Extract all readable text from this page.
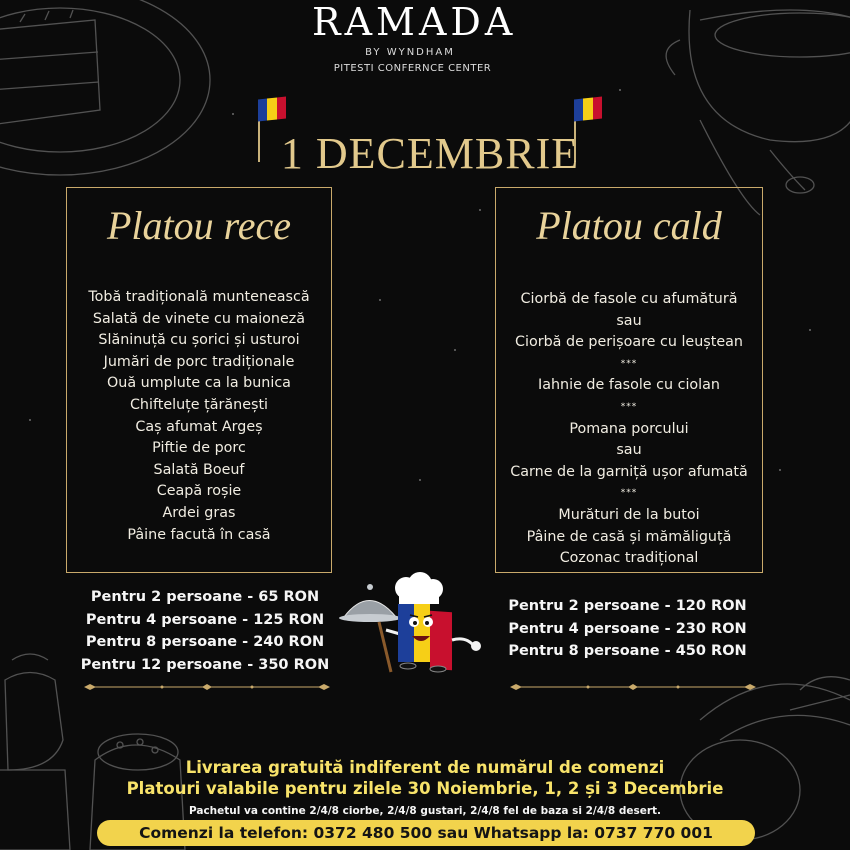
RAMADA
BY WYNDHAM
PITESTI CONFERNCE CENTER
1 DECEMBRIE
Platou rece
Tobă tradițională muntenească
Salată de vinete cu maioneză
Slăninuță cu șorici și usturoi
Jumări de porc tradiționale
Ouă umplute ca la bunica
Chifteluțe țărănești
Caș afumat Argeș
Piftie de porc
Salată Boeuf
Ceapă roșie
Ardei gras
Pâine facută în casă
Platou cald
Ciorbă de fasole cu afumătură
sau
Ciorbă de perișoare cu leuștean
***
Iahnie de fasole cu ciolan
***
Pomana porcului
sau
Carne de la garniță ușor afumată
***
Murături de la butoi
Pâine de casă și mămăliguță
Cozonac tradițional
Pentru 2 persoane - 65 RON
Pentru 4 persoane - 125 RON
Pentru 8 persoane - 240 RON
Pentru 12 persoane - 350 RON
Pentru 2 persoane - 120 RON
Pentru 4 persoane - 230 RON
Pentru 8 persoane - 450 RON
Livrarea gratuită indiferent de numărul de comenzi
Platouri valabile pentru zilele 30 Noiembrie, 1, 2 și 3 Decembrie
Pachetul va contine 2/4/8 ciorbe, 2/4/8 gustari, 2/4/8 fel de baza si 2/4/8 desert.
Comenzi la telefon: 0372 480 500 sau Whatsapp la: 0737 770 001
